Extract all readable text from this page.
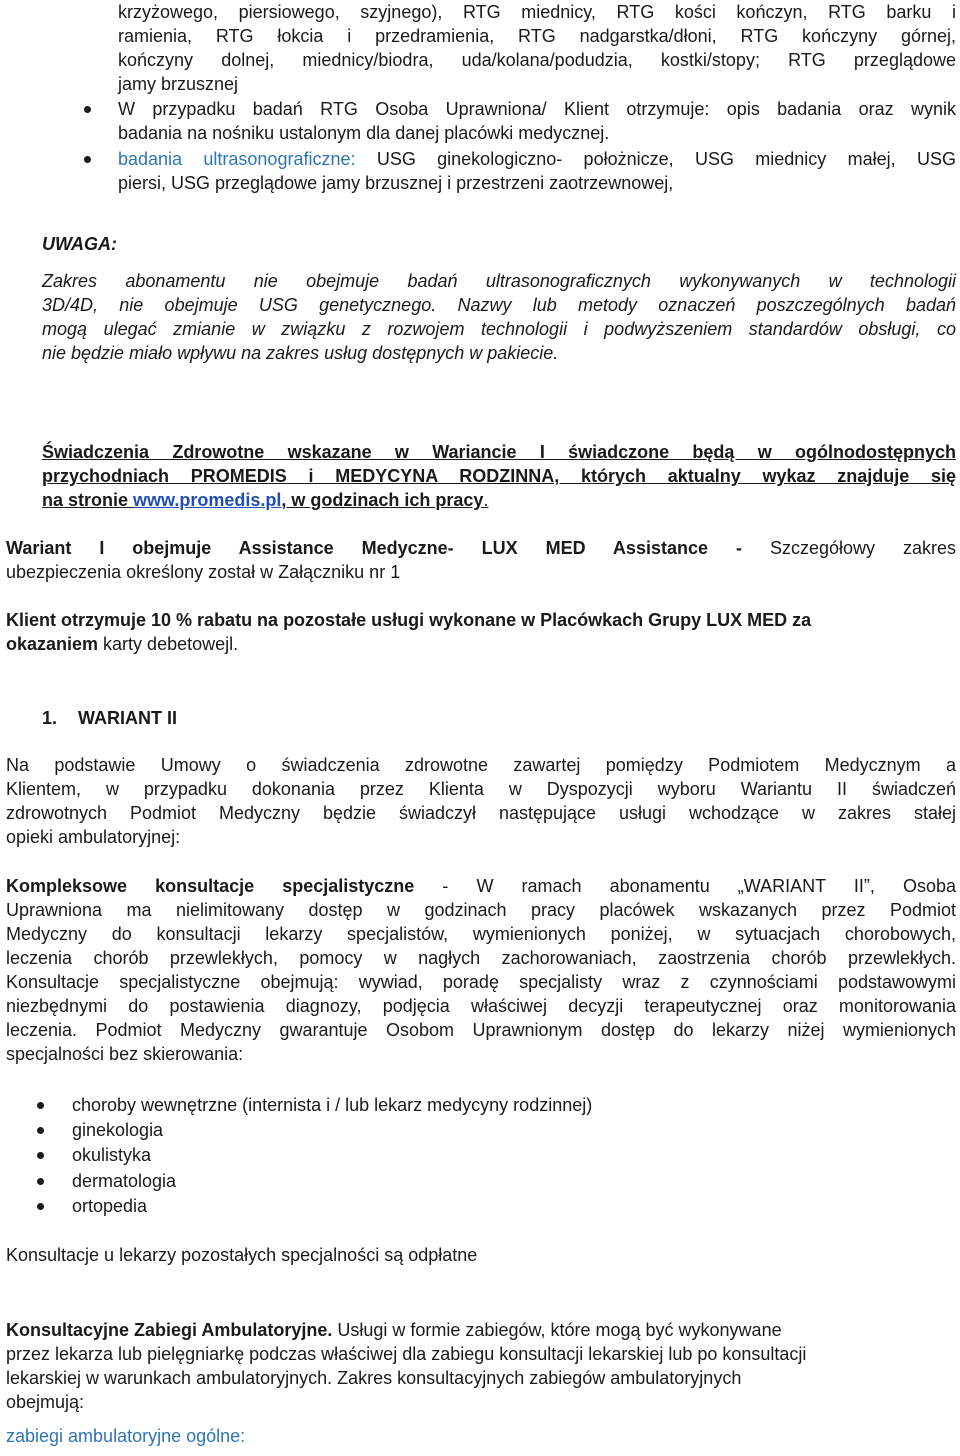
krzyżowego, piersiowego, szyjnego), RTG miednicy, RTG kości kończyn, RTG barku i
ramienia, RTG łokcia i przedramienia, RTG nadgarstka/dłoni, RTG kończyny górnej,
kończyny dolnej, miednicy/biodra, uda/kolana/podudzia, kostki/stopy; RTG przeglądowe
jamy brzusznej
W przypadku badań RTG Osoba Uprawniona/ Klient otrzymuje: opis badania oraz wynik
badania na nośniku ustalonym dla danej placówki medycznej.
badania ultrasonograficzne: USG ginekologiczno- położnicze, USG miednicy małej, USG
piersi, USG przeglądowe jamy brzusznej i przestrzeni zaotrzewnowej,
UWAGA:
Zakres abonamentu nie obejmuje badań ultrasonograficznych wykonywanych w technologii
3D/4D, nie obejmuje USG genetycznego. Nazwy lub metody oznaczeń poszczególnych badań
mogą ulegać zmianie w związku z rozwojem technologii i podwyższeniem standardów obsługi, co
nie będzie miało wpływu na zakres usług dostępnych w pakiecie.
Świadczenia Zdrowotne wskazane w Wariancie I świadczone będą w ogólnodostępnych
przychodniach PROMEDIS i MEDYCYNA RODZINNA, których aktualny wykaz znajduje się
na stronie www.promedis.pl, w godzinach ich pracy.
Wariant I obejmuje Assistance Medyczne- LUX MED Assistance - Szczegółowy zakres
ubezpieczenia określony został w Załączniku nr 1
Klient otrzymuje 10 % rabatu na pozostałe usługi wykonane w Placówkach Grupy LUX MED za
okazaniem karty debetowejl.
1. WARIANT II
Na podstawie Umowy o świadczenia zdrowotne zawartej pomiędzy Podmiotem Medycznym a
Klientem, w przypadku dokonania przez Klienta w Dyspozycji wyboru Wariantu II świadczeń
zdrowotnych Podmiot Medyczny będzie świadczył następujące usługi wchodzące w zakres stałej
opieki ambulatoryjnej:
Kompleksowe konsultacje specjalistyczne - W ramach abonamentu „WARIANT II”, Osoba
Uprawniona ma nielimitowany dostęp w godzinach pracy placówek wskazanych przez Podmiot
Medyczny do konsultacji lekarzy specjalistów, wymienionych poniżej, w sytuacjach chorobowych,
leczenia chorób przewlekłych, pomocy w nagłych zachorowaniach, zaostrzenia chorób przewlekłych.
Konsultacje specjalistyczne obejmują: wywiad, poradę specjalisty wraz z czynnościami podstawowymi
niezbędnymi do postawienia diagnozy, podjęcia właściwej decyzji terapeutycznej oraz monitorowania
leczenia. Podmiot Medyczny gwarantuje Osobom Uprawnionym dostęp do lekarzy niżej wymienionych
specjalności bez skierowania:
choroby wewnętrzne (internista i / lub lekarz medycyny rodzinnej)
ginekologia
okulistyka
dermatologia
ortopedia
Konsultacje u lekarzy pozostałych specjalności są odpłatne
Konsultacyjne Zabiegi Ambulatoryjne. Usługi w formie zabiegów, które mogą być wykonywane
przez lekarza lub pielęgniarkę podczas właściwej dla zabiegu konsultacji lekarskiej lub po konsultacji
lekarskiej w warunkach ambulatoryjnych. Zakres konsultacyjnych zabiegów ambulatoryjnych
obejmują:
zabiegi ambulatoryjne ogólne:
